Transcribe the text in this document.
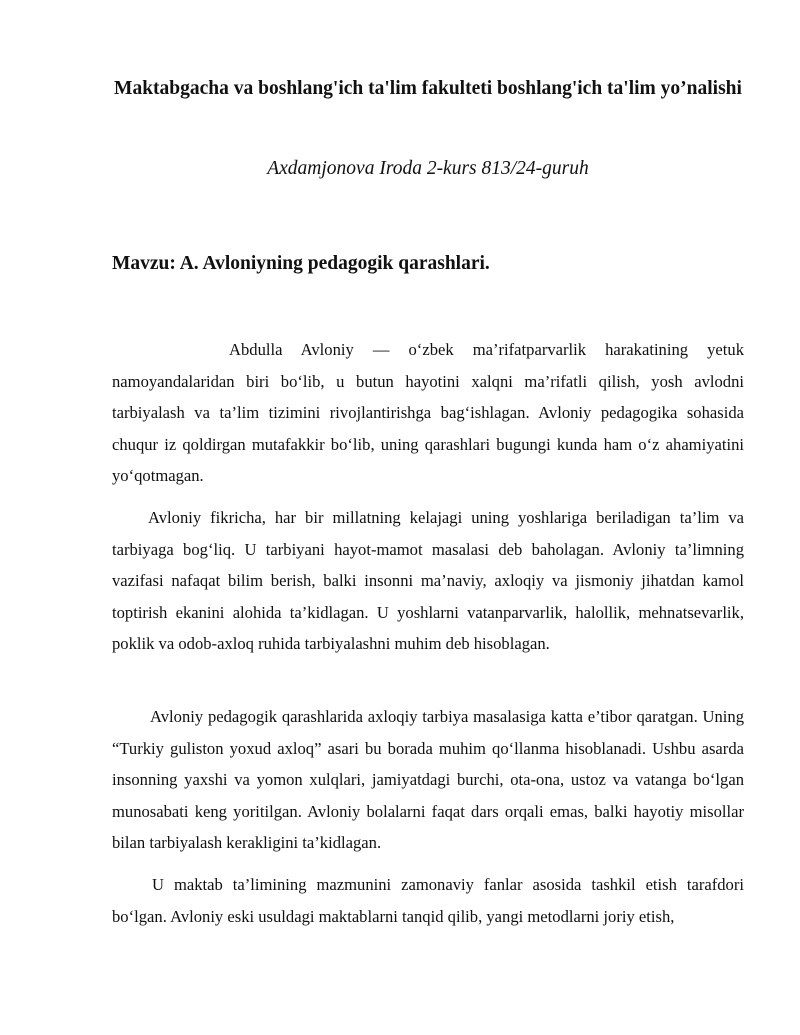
Maktabgacha va boshlang'ich ta'lim fakulteti boshlang'ich ta'lim yo’nalishi

Axdamjonova Iroda 2-kurs 813/24-guruh

Mavzu: A. Avloniyning pedagogik qarashlari.

Abdulla Avloniy — o‘zbek ma’rifatparvarlik harakatining yetuk namoyandalaridan biri bo‘lib, u butun hayotini xalqni ma’rifatli qilish, yosh avlodni tarbiyalash va ta’lim tizimini rivojlantirishga bag‘ishlagan. Avloniy pedagogika sohasida chuqur iz qoldirgan mutafakkir bo‘lib, uning qarashlari bugungi kunda ham o‘z ahamiyatini yo‘qotmagan.

Avloniy fikricha, har bir millatning kelajagi uning yoshlariga beriladigan ta’lim va tarbiyaga bog‘liq. U tarbiyani hayot-mamot masalasi deb baholagan. Avloniy ta’limning vazifasi nafaqat bilim berish, balki insonni ma’naviy, axloqiy va jismoniy jihatdan kamol toptirish ekanini alohida ta’kidlagan. U yoshlarni vatanparvarlik, halollik, mehnatsevarlik, poklik va odob-axloq ruhida tarbiyalashni muhim deb hisoblagan.

Avloniy pedagogik qarashlarida axloqiy tarbiya masalasiga katta e’tibor qaratgan. Uning “Turkiy guliston yoxud axloq” asari bu borada muhim qo‘llanma hisoblanadi. Ushbu asarda insonning yaxshi va yomon xulqlari, jamiyatdagi burchi, ota-ona, ustoz va vatanga bo‘lgan munosabati keng yoritilgan. Avloniy bolalarni faqat dars orqali emas, balki hayotiy misollar bilan tarbiyalash kerakligini ta’kidlagan.

U maktab ta’limining mazmunini zamonaviy fanlar asosida tashkil etish tarafdori bo‘lgan. Avloniy eski usuldagi maktablarni tanqid qilib, yangi metodlarni joriy etish,
